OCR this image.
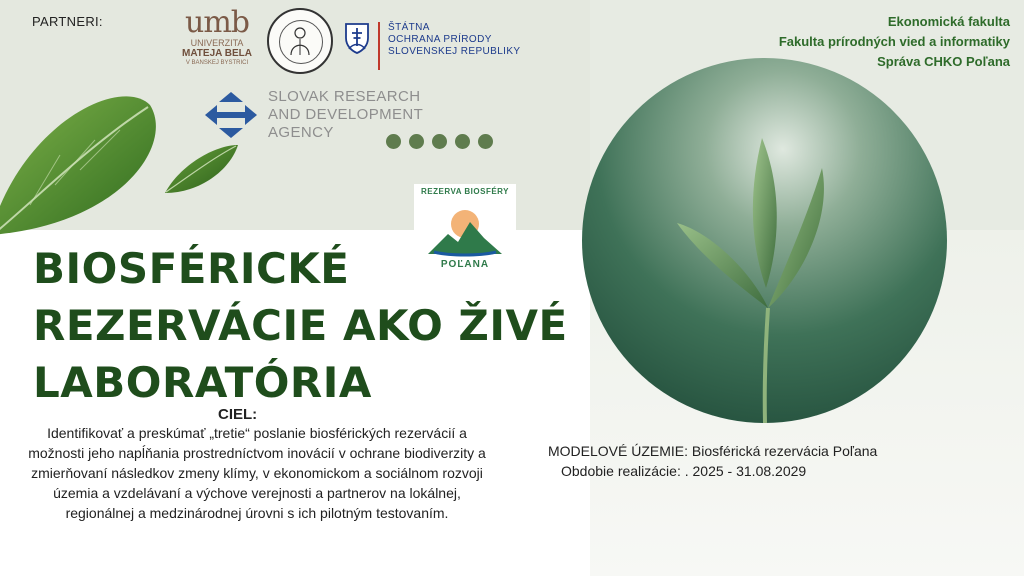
PARTNERI:	umb
UNIVERZITA
MATEJA BELA
V BANSKEJ BYSTRICI
ŠTÁTNA
OCHRANA PRÍRODY
SLOVENSKEJ REPUBLIKY
SLOVAK RESEARCH
AND DEVELOPMENT
AGENCY
Ekonomická fakulta
Fakulta prírodných vied a informatiky
Správa CHKO Poľana
REZERVA BIOSFÉRY
POĽANA
BIOSFÉRICKÉ
REZERVÁCIE AKO ŽIVÉ
LABORATÓRIA
CIEL:
Identifikovať a preskúmať „tretie“ poslanie biosférických rezervácií a možnosti jeho napĺňania prostredníctvom inovácií v ochrane biodiverzity a zmierňovaní následkov zmeny klímy, v ekonomickom a sociálnom rozvoji územia a vzdelávaní a výchove verejnosti a partnerov na lokálnej, regionálnej a medzinárodnej úrovni s ich pilotným testovaním.
MODELOVÉ ÚZEMIE: Biosférická rezervácia Poľana
Obdobie realizácie: . 2025 - 31.08.2029
